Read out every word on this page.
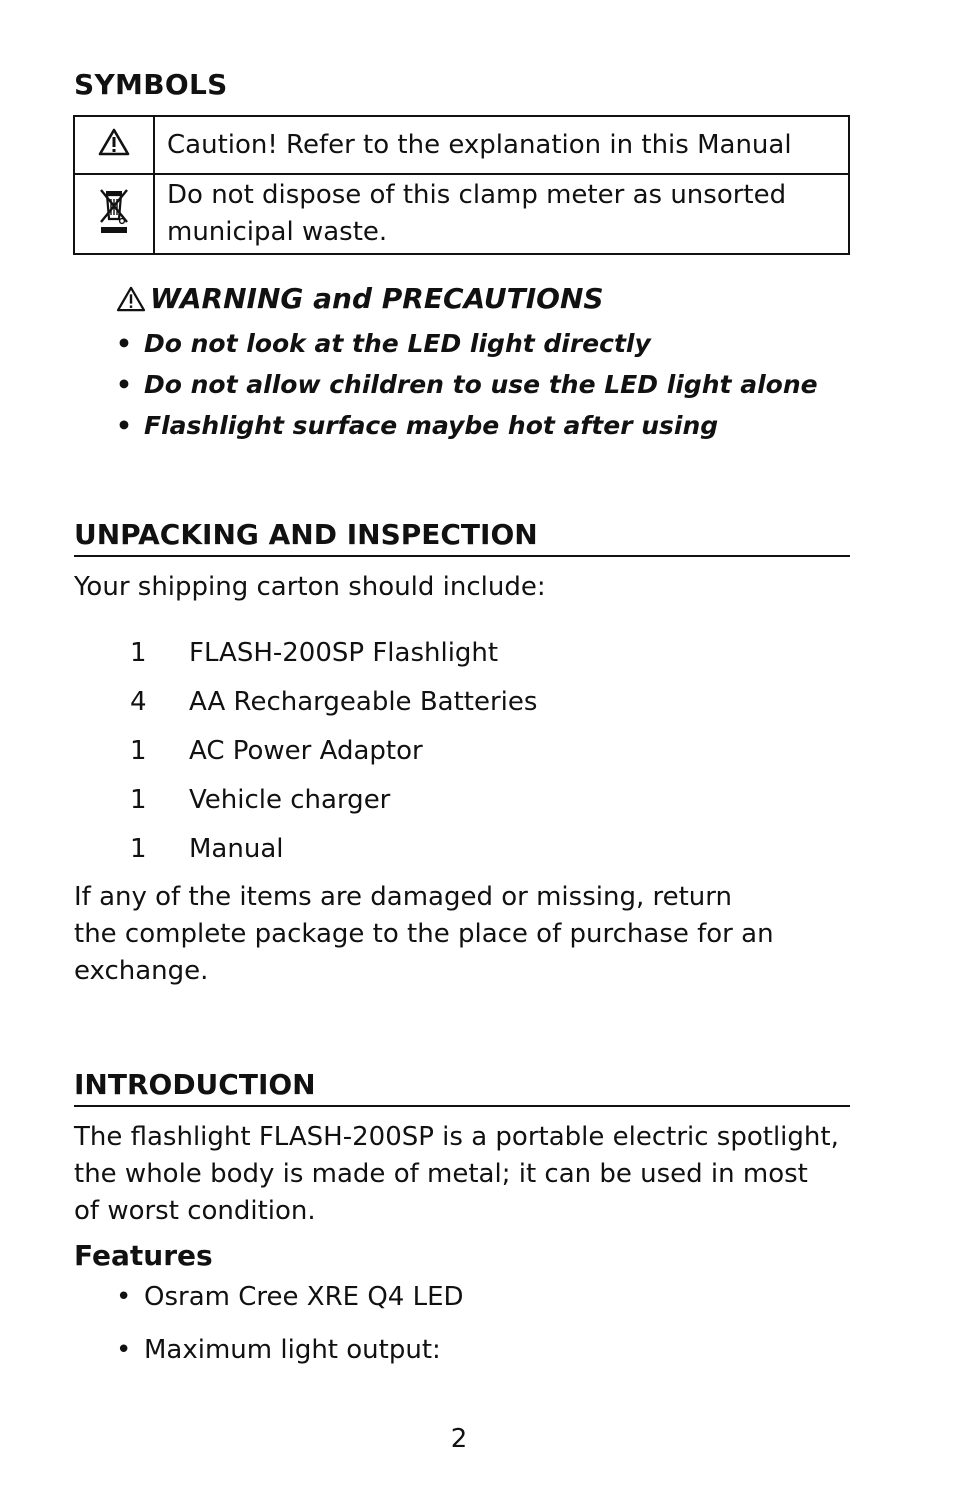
SYMBOLS
	Caution! Refer to the explanation in this Manual
	Do not dispose of this clamp meter as unsorted municipal waste.
WARNING and PRECAUTIONS
• Do not look at the LED light directly
• Do not allow children to use the LED light alone
• Flashlight surface maybe hot after using
UNPACKING AND INSPECTION
Your shipping carton should include:
1	FLASH-200SP Flashlight
4	AA Rechargeable Batteries
1	AC Power Adaptor
1	Vehicle charger
1	Manual
If any of the items are damaged or missing, return
the complete package to the place of purchase for an
exchange.
INTRODUCTION
The flashlight FLASH-200SP is a portable electric spotlight,
the whole body is made of metal; it can be used in most
of worst condition.
Features
• Osram Cree XRE Q4 LED
• Maximum light output:
2
